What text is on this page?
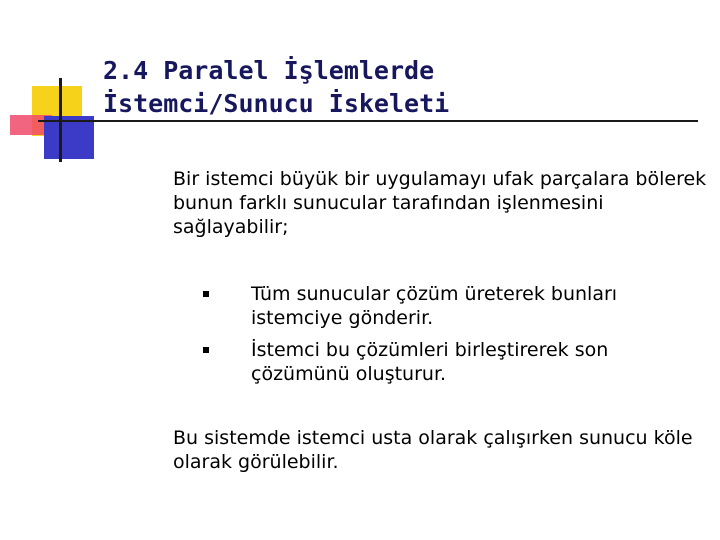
2.4 Paralel İşlemlerde
İstemci/Sunucu İskeleti

Bir istemci büyük bir uygulamayı ufak parçalara bölerek bunun farklı sunucular tarafından işlenmesini sağlayabilir;

Tüm sunucular çözüm üreterek bunları istemciye gönderir.

İstemci bu çözümleri birleştirerek son çözümünü oluşturur.

Bu sistemde istemci usta olarak çalışırken sunucu köle olarak görülebilir.
